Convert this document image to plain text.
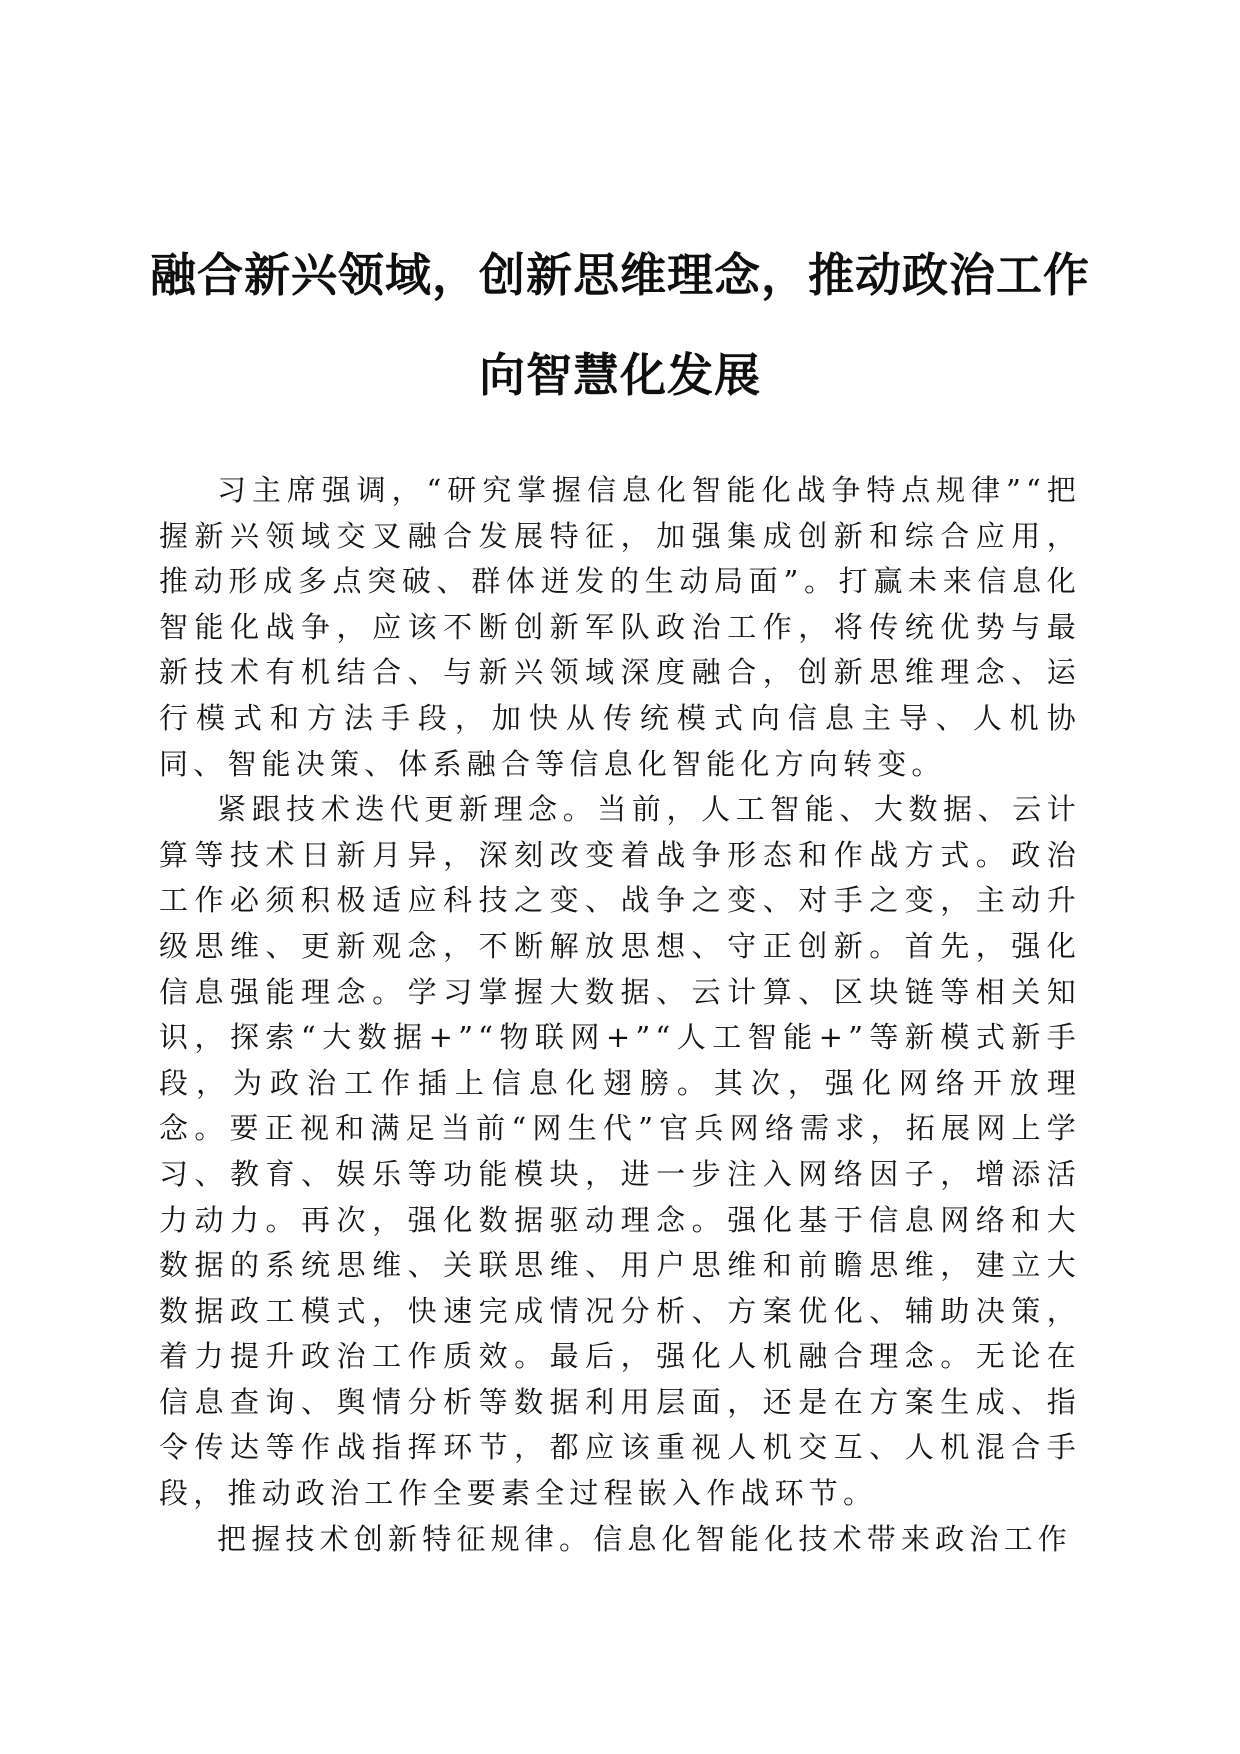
融合新兴领域，创新思维理念，推动政治工作
向智慧化发展

习主席强调，“研究掌握信息化智能化战争特点规律”“把握新兴领域交叉融合发展特征，加强集成创新和综合应用，推动形成多点突破、群体迸发的生动局面”。打赢未来信息化智能化战争，应该不断创新军队政治工作，将传统优势与最新技术有机结合、与新兴领域深度融合，创新思维理念、运行模式和方法手段，加快从传统模式向信息主导、人机协同、智能决策、体系融合等信息化智能化方向转变。

紧跟技术迭代更新理念。当前，人工智能、大数据、云计算等技术日新月异，深刻改变着战争形态和作战方式。政治工作必须积极适应科技之变、战争之变、对手之变，主动升级思维、更新观念，不断解放思想、守正创新。首先，强化信息强能理念。学习掌握大数据、云计算、区块链等相关知识，探索“大数据+”“物联网+”“人工智能+”等新模式新手段，为政治工作插上信息化翅膀。其次，强化网络开放理念。要正视和满足当前“网生代”官兵网络需求，拓展网上学习、教育、娱乐等功能模块，进一步注入网络因子，增添活力动力。再次，强化数据驱动理念。强化基于信息网络和大数据的系统思维、关联思维、用户思维和前瞻思维，建立大数据政工模式，快速完成情况分析、方案优化、辅助决策，着力提升政治工作质效。最后，强化人机融合理念。无论在信息查询、舆情分析等数据利用层面，还是在方案生成、指令传达等作战指挥环节，都应该重视人机交互、人机混合手段，推动政治工作全要素全过程嵌入作战环节。

把握技术创新特征规律。信息化智能化技术带来政治工作
